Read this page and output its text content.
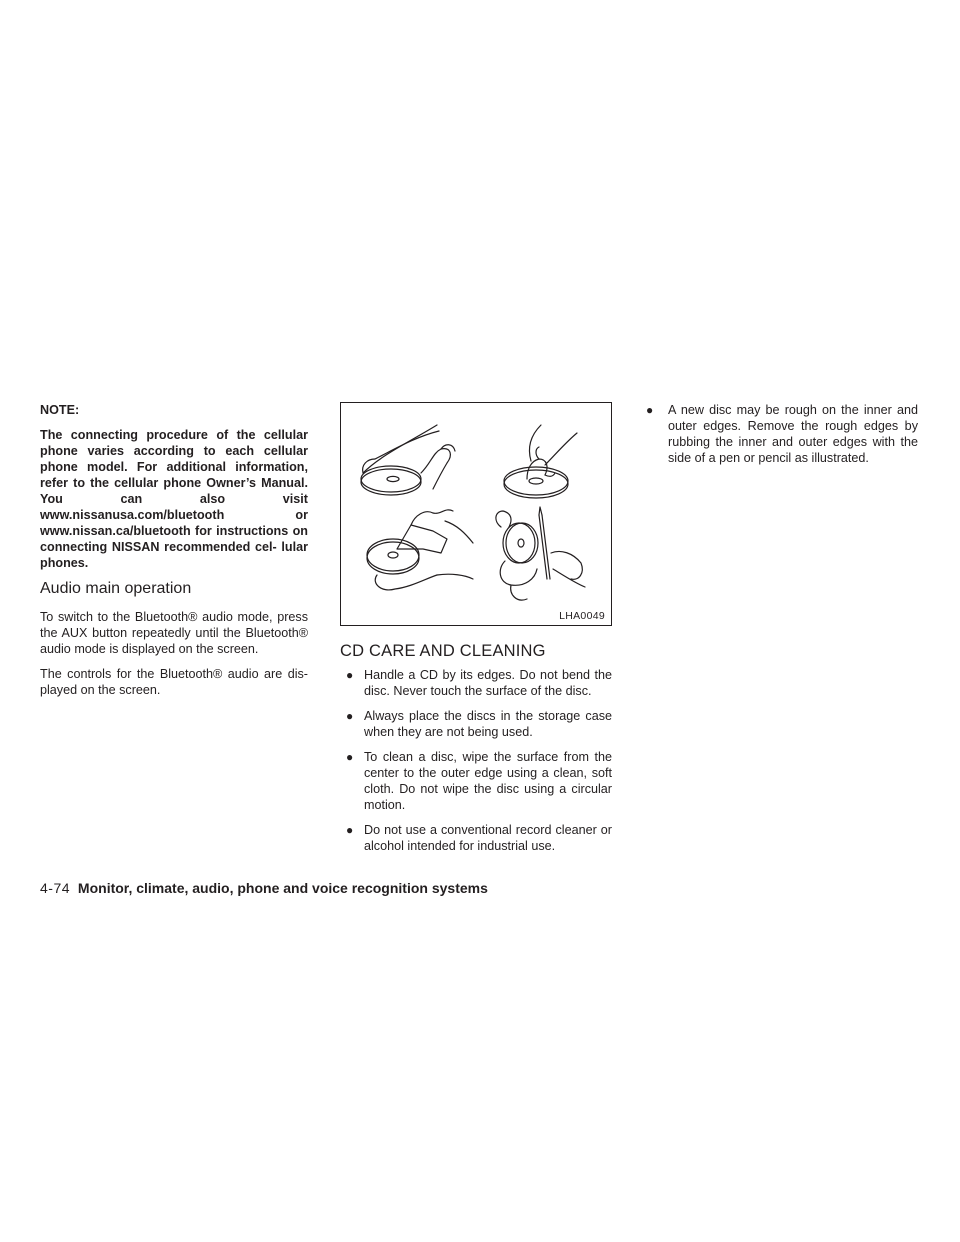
NOTE:

The connecting procedure of the cellular phone varies according to each cellular phone model. For additional information, refer to the cellular phone Owner’s Manual. You can also visit www.nissanusa.com/bluetooth or www.nissan.ca/bluetooth for instructions on connecting NISSAN recommended cel- lular phones.

Audio main operation

To switch to the Bluetooth® audio mode, press the AUX button repeatedly until the Bluetooth® audio mode is displayed on the screen.

The controls for the Bluetooth® audio are dis- played on the screen.

LHA0049
CD CARE AND CLEANING
● Handle a CD by its edges. Do not bend the disc. Never touch the surface of the disc.
● Always place the discs in the storage case when they are not being used.
● To clean a disc, wipe the surface from the center to the outer edge using a clean, soft cloth. Do not wipe the disc using a circular motion.
● Do not use a conventional record cleaner or alcohol intended for industrial use.
● A new disc may be rough on the inner and outer edges. Remove the rough edges by rubbing the inner and outer edges with the side of a pen or pencil as illustrated.
4-74 Monitor, climate, audio, phone and voice recognition systems
